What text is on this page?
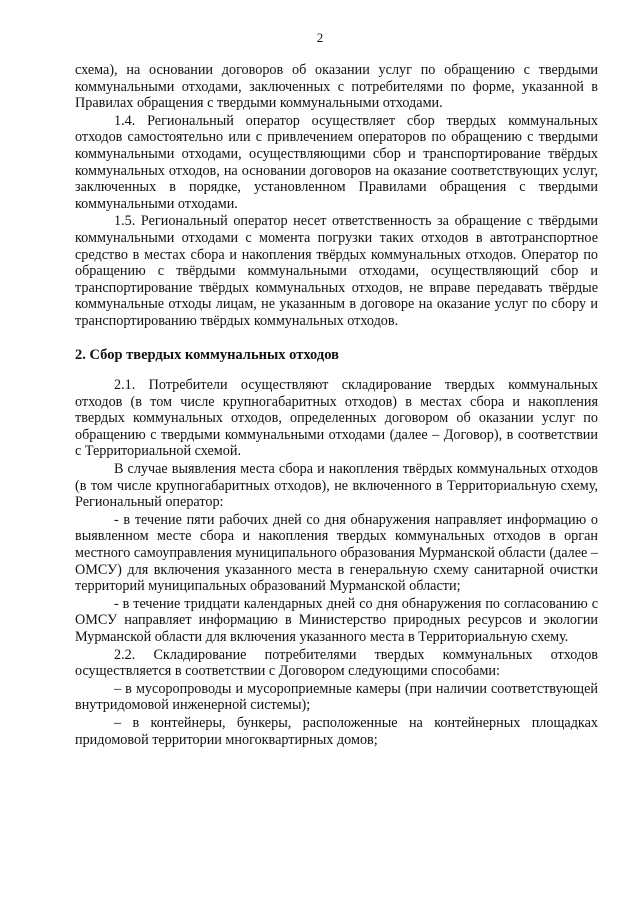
2

схема), на основании договоров об оказании услуг по обращению с твердыми коммунальными отходами, заключенных с потребителями по форме, указанной в Правилах обращения с твердыми коммунальными отходами.

1.4. Региональный оператор осуществляет сбор твердых коммунальных отходов самостоятельно или с привлечением операторов по обращению с твердыми коммунальными отходами, осуществляющими сбор и транспортирование твёрдых коммунальных отходов, на основании договоров на оказание соответствующих услуг, заключенных в порядке, установленном Правилами обращения с твердыми коммунальными отходами.

1.5. Региональный оператор несет ответственность за обращение с твёрдыми коммунальными отходами с момента погрузки таких отходов в автотранспортное средство в местах сбора и накопления твёрдых коммунальных отходов. Оператор по обращению с твёрдыми коммунальными отходами, осуществляющий сбор и транспортирование твёрдых коммунальных отходов, не вправе передавать твёрдые коммунальные отходы лицам, не указанным в договоре на оказание услуг по сбору и транспортированию твёрдых коммунальных отходов.

2. Сбор твердых коммунальных отходов

2.1. Потребители осуществляют складирование твердых коммунальных отходов (в том числе крупногабаритных отходов) в местах сбора и накопления твердых коммунальных отходов, определенных договором об оказании услуг по обращению с твердыми коммунальными отходами (далее – Договор), в соответствии с Территориальной схемой.

В случае выявления места сбора и накопления твёрдых коммунальных отходов (в том числе крупногабаритных отходов), не включенного в Территориальную схему, Региональный оператор:

- в течение пяти рабочих дней со дня обнаружения направляет информацию о выявленном месте сбора и накопления твердых коммунальных отходов в орган местного самоуправления муниципального образования Мурманской области (далее – ОМСУ) для включения указанного места в генеральную схему санитарной очистки территорий муниципальных образований Мурманской области;

- в течение тридцати календарных дней со дня обнаружения по согласованию с ОМСУ направляет информацию в Министерство природных ресурсов и экологии Мурманской области для включения указанного места в Территориальную схему.

2.2. Складирование потребителями твердых коммунальных отходов осуществляется в соответствии с Договором следующими способами:

– в мусоропроводы и мусороприемные камеры (при наличии соответствующей внутридомовой инженерной системы);

– в контейнеры, бункеры, расположенные на контейнерных площадках придомовой территории многоквартирных домов;
